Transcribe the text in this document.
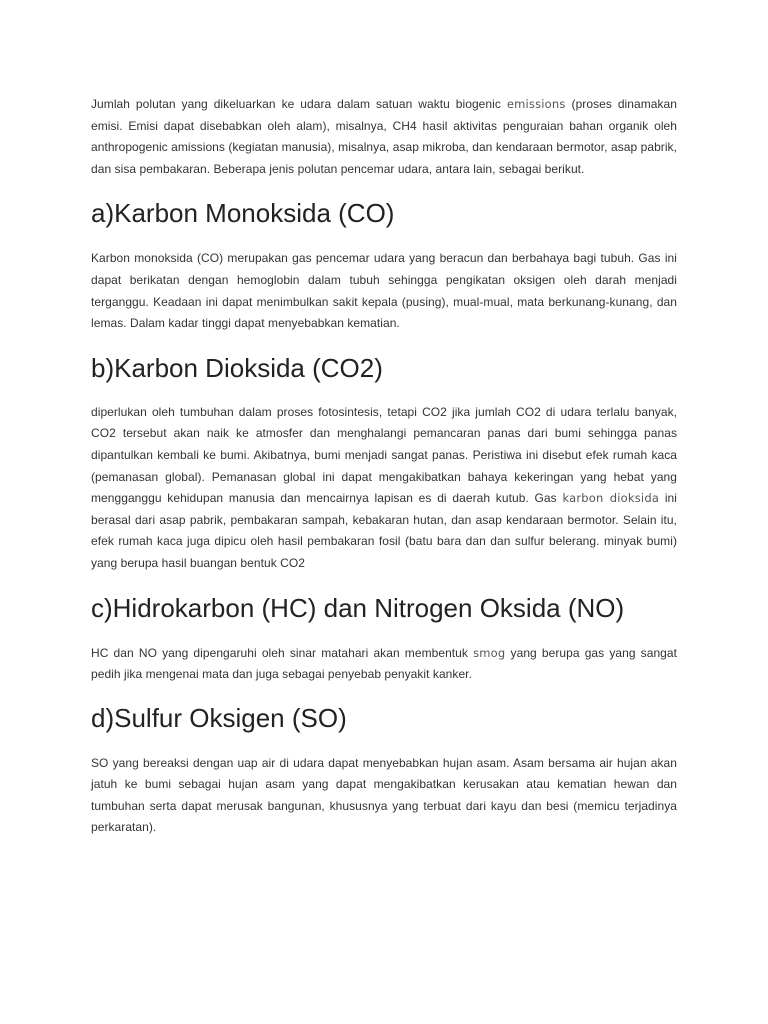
Jumlah polutan yang dikeluarkan ke udara dalam satuan waktu biogenic emissions (proses dinamakan emisi. Emisi dapat disebabkan oleh alam), misalnya, CH4 hasil aktivitas penguraian bahan organik oleh anthropogenic amissions (kegiatan manusia), misalnya, asap mikroba, dan kendaraan bermotor, asap pabrik, dan sisa pembakaran. Beberapa jenis polutan pencemar udara, antara lain, sebagai berikut.

a)Karbon Monoksida (CO)

Karbon monoksida (CO) merupakan gas pencemar udara yang beracun dan berbahaya bagi tubuh. Gas ini dapat berikatan dengan hemoglobin dalam tubuh sehingga pengikatan oksigen oleh darah menjadi terganggu. Keadaan ini dapat menimbulkan sakit kepala (pusing), mual-mual, mata berkunang-kunang, dan lemas. Dalam kadar tinggi dapat menyebabkan kematian.

b)Karbon Dioksida (CO2)

diperlukan oleh tumbuhan dalam proses fotosintesis, tetapi CO2 jika jumlah CO2 di udara terlalu banyak, CO2 tersebut akan naik ke atmosfer dan menghalangi pemancaran panas dari bumi sehingga panas dipantulkan kembali ke bumi. Akibatnya, bumi menjadi sangat panas. Peristiwa ini disebut efek rumah kaca (pemanasan global). Pemanasan global ini dapat mengakibatkan bahaya kekeringan yang hebat yang mengganggu kehidupan manusia dan mencairnya lapisan es di daerah kutub. Gas karbon dioksida ini berasal dari asap pabrik, pembakaran sampah, kebakaran hutan, dan asap kendaraan bermotor. Selain itu, efek rumah kaca juga dipicu oleh hasil pembakaran fosil (batu bara dan dan sulfur belerang. minyak bumi) yang berupa hasil buangan bentuk CO2

c)Hidrokarbon (HC) dan Nitrogen Oksida (NO)

HC dan NO yang dipengaruhi oleh sinar matahari akan membentuk smog yang berupa gas yang sangat pedih jika mengenai mata dan juga sebagai penyebab penyakit kanker.

d)Sulfur Oksigen (SO)

SO yang bereaksi dengan uap air di udara dapat menyebabkan hujan asam. Asam bersama air hujan akan jatuh ke bumi sebagai hujan asam yang dapat mengakibatkan kerusakan atau kematian hewan dan tumbuhan serta dapat merusak bangunan, khususnya yang terbuat dari kayu dan besi (memicu terjadinya perkaratan).
